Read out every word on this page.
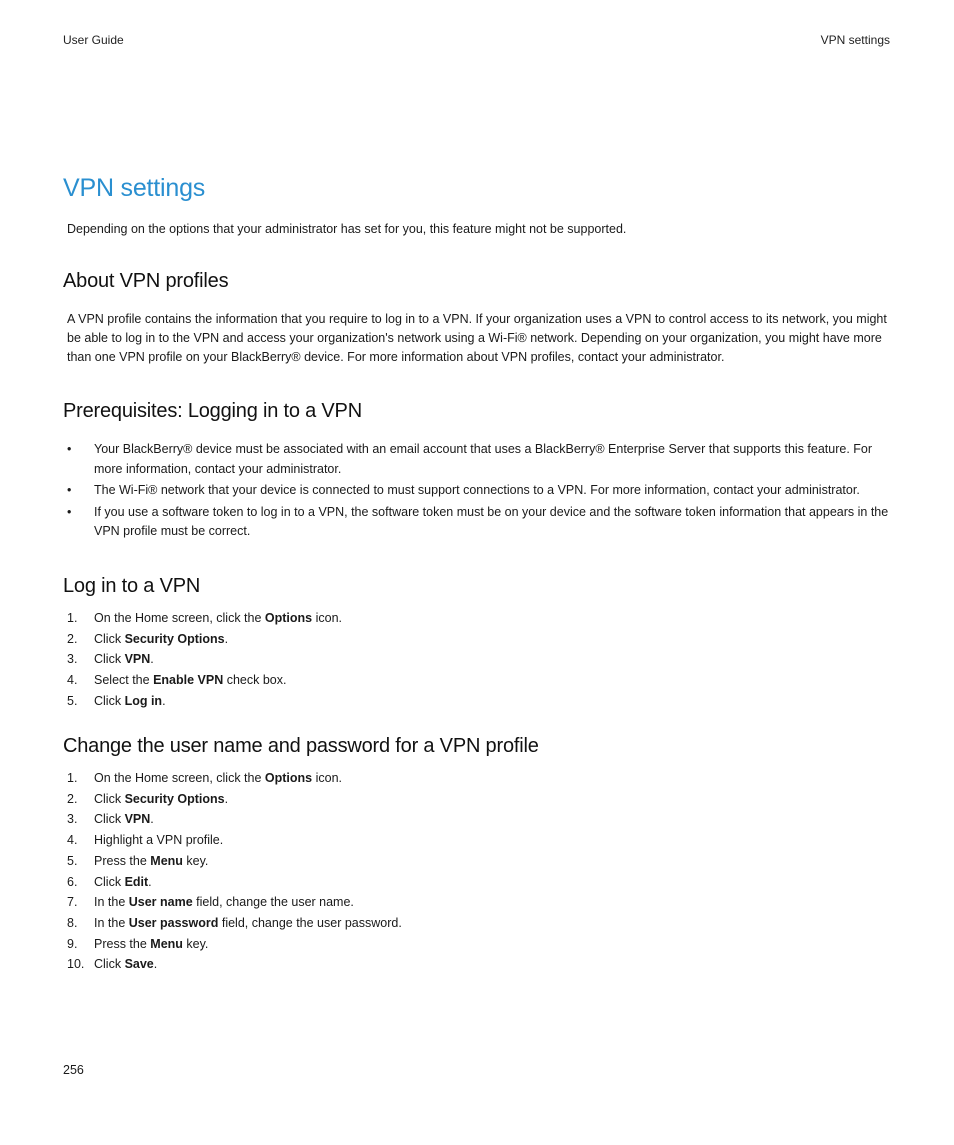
User Guide	VPN settings
VPN settings

Depending on the options that your administrator has set for you, this feature might not be supported.

About VPN profiles

A VPN profile contains the information that you require to log in to a VPN. If your organization uses a VPN to control access to its network, you might be able to log in to the VPN and access your organization's network using a Wi-Fi® network. Depending on your organization, you might have more than one VPN profile on your BlackBerry® device. For more information about VPN profiles, contact your administrator.

Prerequisites: Logging in to a VPN
• Your BlackBerry® device must be associated with an email account that uses a BlackBerry® Enterprise Server that supports this feature. For more information, contact your administrator.
• The Wi-Fi® network that your device is connected to must support connections to a VPN. For more information, contact your administrator.
• If you use a software token to log in to a VPN, the software token must be on your device and the software token information that appears in the VPN profile must be correct.
Log in to a VPN
1. On the Home screen, click the Options icon.
2. Click Security Options.
3. Click VPN.
4. Select the Enable VPN check box.
5. Click Log in.
Change the user name and password for a VPN profile
1. On the Home screen, click the Options icon.
2. Click Security Options.
3. Click VPN.
4. Highlight a VPN profile.
5. Press the Menu key.
6. Click Edit.
7. In the User name field, change the user name.
8. In the User password field, change the user password.
9. Press the Menu key.
10. Click Save.
256
